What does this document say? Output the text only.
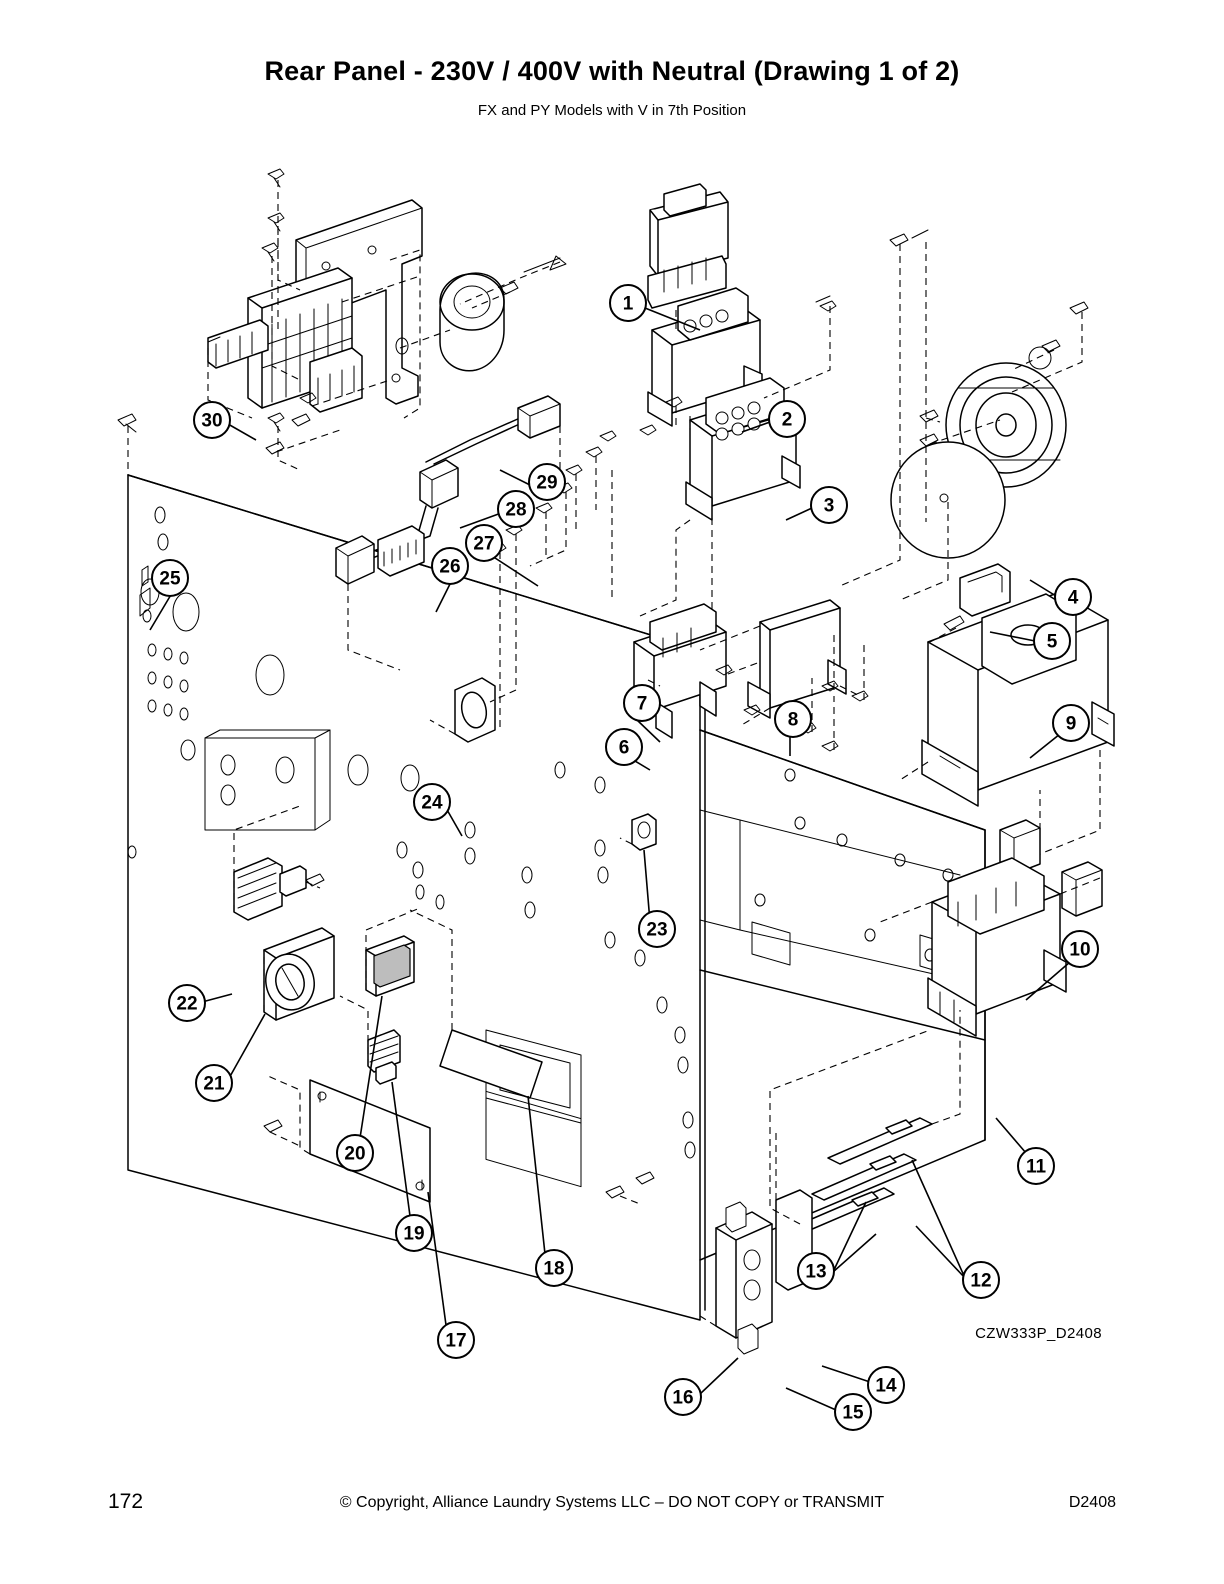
Rear Panel - 230V / 400V with Neutral (Drawing 1 of 2)
FX and PY Models with V in 7th Position
1
2
3
4
5
6
7
8	9
10
11
12
13
14
15
16
17
18
19
20
21
22
23
24
25
26
27
28
29
30
CZW333P_D2408
172	© Copyright, Alliance Laundry Systems LLC – DO NOT COPY or TRANSMIT	D2408
